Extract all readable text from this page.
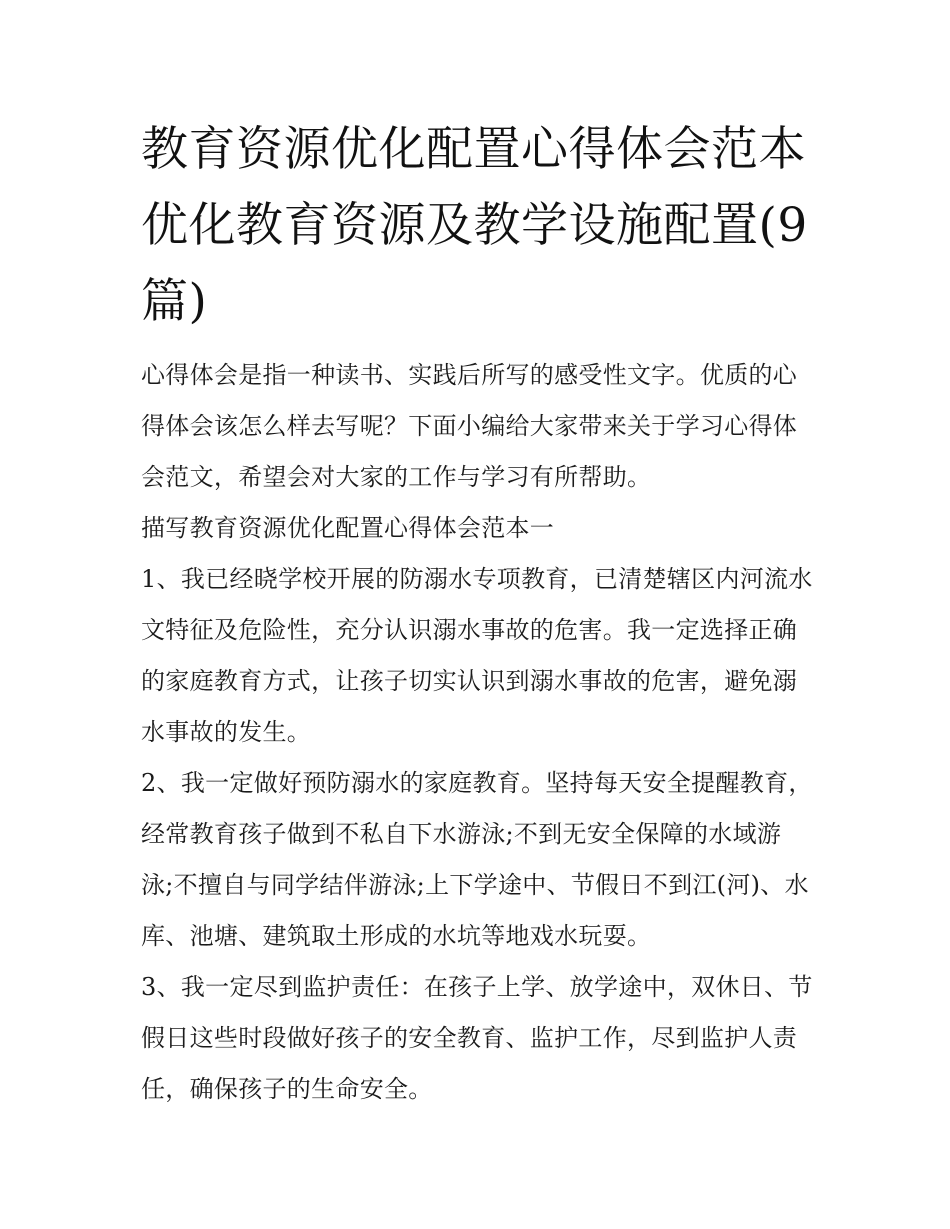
教育资源优化配置心得体会范本 优化教育资源及教学设施配置(9篇)

心得体会是指一种读书、实践后所写的感受性文字。优质的心得体会该怎么样去写呢？下面小编给大家带来关于学习心得体会范文，希望会对大家的工作与学习有所帮助。

描写教育资源优化配置心得体会范本一

1、我已经晓学校开展的防溺水专项教育，已清楚辖区内河流水文特征及危险性，充分认识溺水事故的危害。我一定选择正确的家庭教育方式，让孩子切实认识到溺水事故的危害，避免溺水事故的发生。

2、我一定做好预防溺水的家庭教育。坚持每天安全提醒教育，经常教育孩子做到不私自下水游泳;不到无安全保障的水域游泳;不擅自与同学结伴游泳;上下学途中、节假日不到江(河)、水库、池塘、建筑取土形成的水坑等地戏水玩耍。

3、我一定尽到监护责任：在孩子上学、放学途中，双休日、节假日这些时段做好孩子的安全教育、监护工作，尽到监护人责任，确保孩子的生命安全。
